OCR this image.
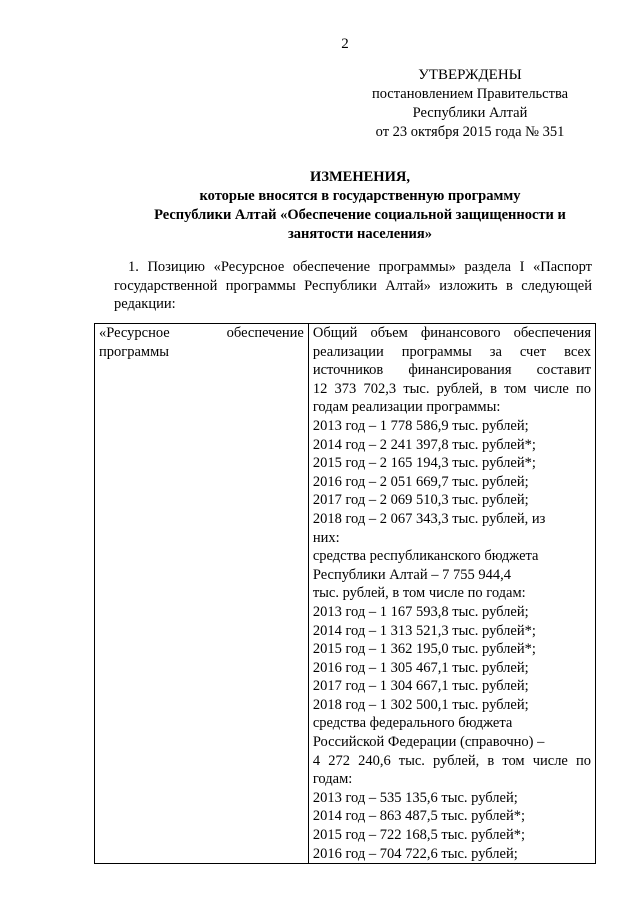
2
УТВЕРЖДЕНЫ
постановлением Правительства
Республики Алтай
от 23 октября 2015 года № 351
ИЗМЕНЕНИЯ,
которые вносятся в государственную программу
Республики Алтай «Обеспечение социальной защищенности и
занятости населения»
1. Позицию «Ресурсное обеспечение программы» раздела I «Паспорт государственной программы Республики Алтай» изложить в следующей редакции:
«Ресурсное обеспечение программы

Общий объем финансового обеспечения
реализации программы за счет всех
источников финансирования составит
12 373 702,3 тыс. рублей, в том числе по
годам реализации программы:
2013 год – 1 778 586,9 тыс. рублей;
2014 год – 2 241 397,8 тыс. рублей*;
2015 год – 2 165 194,3 тыс. рублей*;
2016 год – 2 051 669,7 тыс. рублей;
2017 год – 2 069 510,3 тыс. рублей;
2018 год – 2 067 343,3 тыс. рублей, из
них:
средства республиканского бюджета
Республики Алтай – 7 755 944,4
тыс. рублей, в том числе по годам:
2013 год – 1 167 593,8 тыс. рублей;
2014 год – 1 313 521,3 тыс. рублей*;
2015 год – 1 362 195,0 тыс. рублей*;
2016 год – 1 305 467,1 тыс. рублей;
2017 год – 1 304 667,1 тыс. рублей;
2018 год – 1 302 500,1 тыс. рублей;
средства федерального бюджета
Российской Федерации (справочно) –
4 272 240,6 тыс. рублей, в том числе по
годам:
2013 год – 535 135,6 тыс. рублей;
2014 год – 863 487,5 тыс. рублей*;
2015 год – 722 168,5 тыс. рублей*;
2016 год – 704 722,6 тыс. рублей;
